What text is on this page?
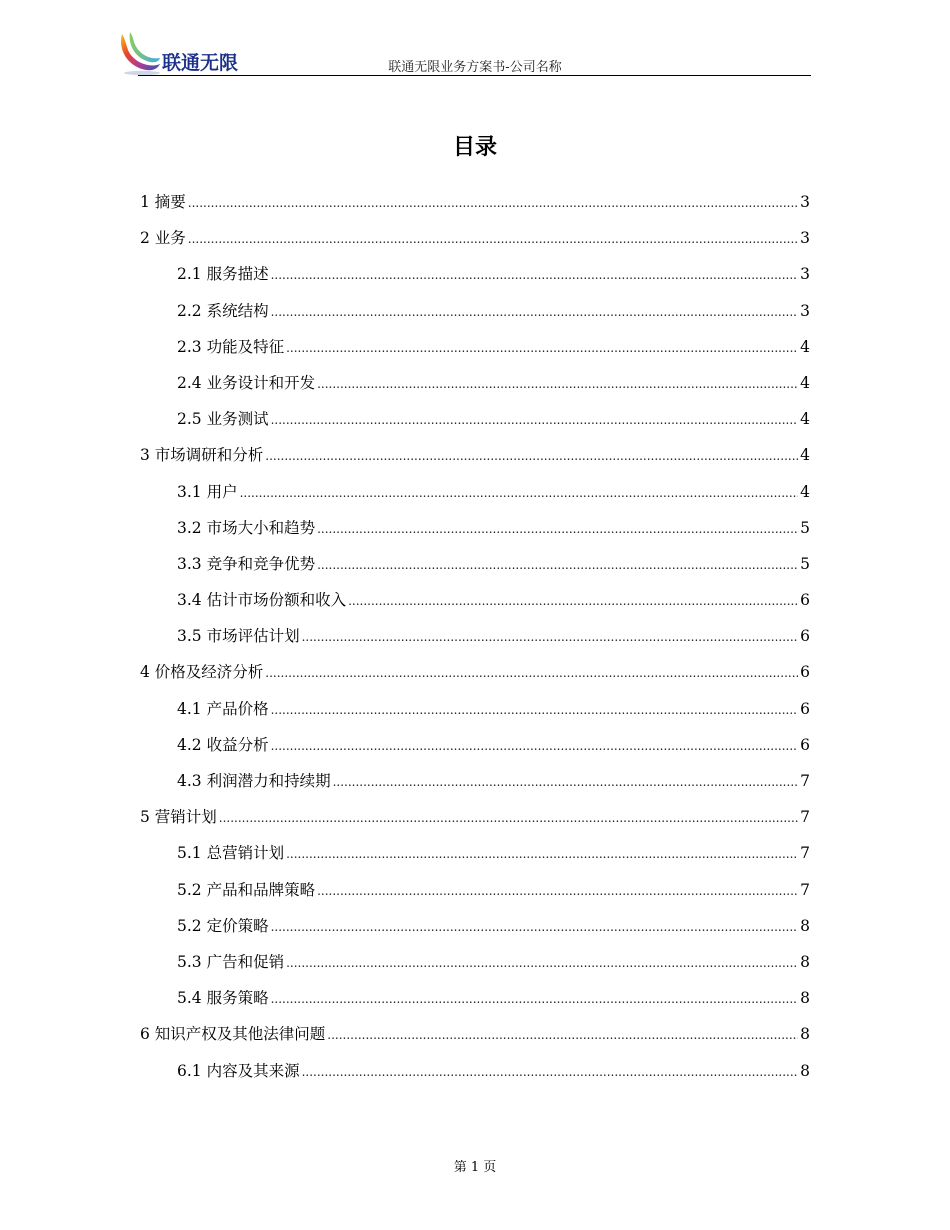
联通无限	联通无限业务方案书-公司名称
目录
1 摘要 .....	3
2 业务 .....	3
2.1 服务描述 .....	3
2.2 系统结构 .....	3
2.3 功能及特征 .....	4
2.4 业务设计和开发 .....	4
2.5 业务测试 .....	4
3 市场调研和分析 .....	4
3.1 用户 .....	4
3.2 市场大小和趋势 .....	5
3.3 竞争和竞争优势 .....	5
3.4 估计市场份额和收入 .....	6
3.5 市场评估计划 .....	6
4 价格及经济分析 .....	6
4.1 产品价格 .....	6
4.2 收益分析 .....	6
4.3 利润潜力和持续期 .....	7
5 营销计划 .....	7
5.1 总营销计划 .....	7
5.2 产品和品牌策略 .....	7
5.2 定价策略 .....	8
5.3 广告和促销 .....	8
5.4 服务策略 .....	8
6 知识产权及其他法律问题 .....	8
6.1 内容及其来源 .....	8
第 1 页
